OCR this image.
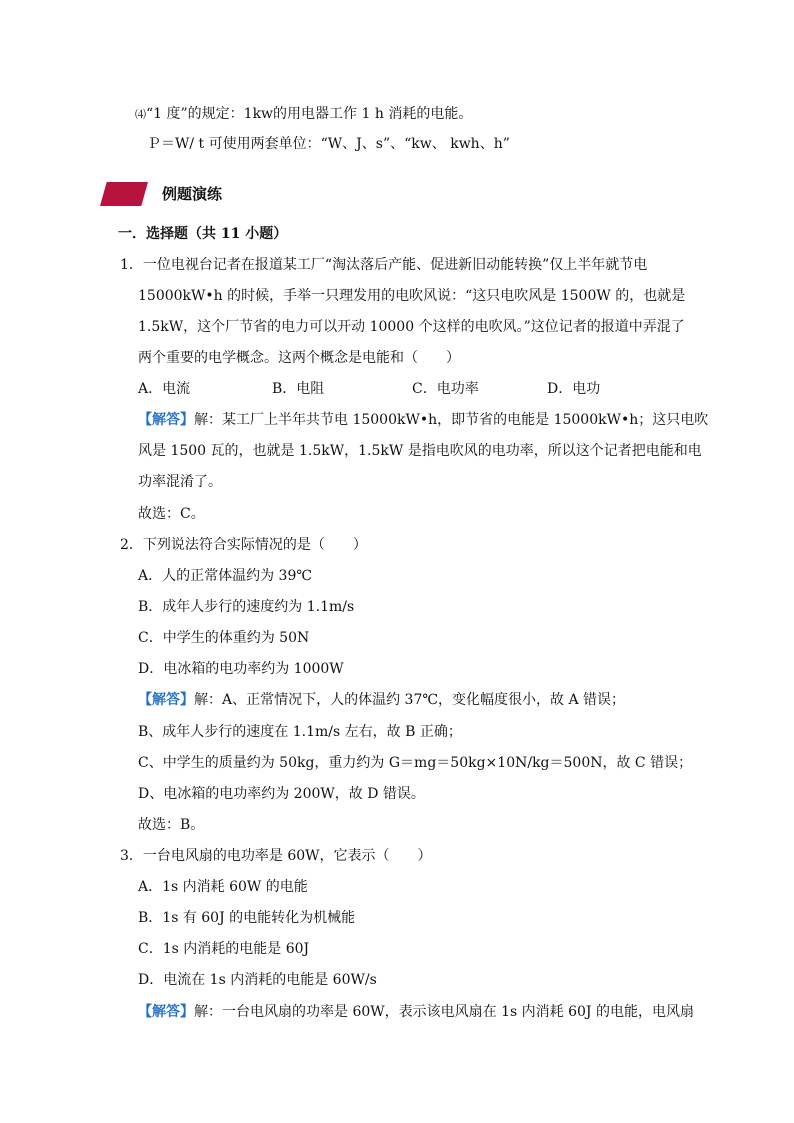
⑷“1 度”的规定：1kw的用电器工作 1 h 消耗的电能。
Ｐ＝W/ t 可使用两套单位：“W、J、s”、“kw、 kwh、h”
例题演练
一．选择题（共 11 小题）
1．一位电视台记者在报道某工厂“淘汰落后产能、促进新旧动能转换”仅上半年就节电
15000kW•h 的时候，手举一只理发用的电吹风说：“这只电吹风是 1500W 的，也就是
1.5kW，这个厂节省的电力可以开动 10000 个这样的电吹风。”这位记者的报道中弄混了
两个重要的电学概念。这两个概念是电能和（　　）
A．电流	B．电阻	C．电功率	D．电功
【解答】解：某工厂上半年共节电 15000kW•h，即节省的电能是 15000kW•h；这只电吹
风是 1500 瓦的，也就是 1.5kW，1.5kW 是指电吹风的电功率，所以这个记者把电能和电
功率混淆了。
故选：C。
2．下列说法符合实际情况的是（　　）
A．人的正常体温约为 39℃
B．成年人步行的速度约为 1.1m/s
C．中学生的体重约为 50N
D．电冰箱的电功率约为 1000W
【解答】解：A、正常情况下，人的体温约 37℃，变化幅度很小，故 A 错误；
B、成年人步行的速度在 1.1m/s 左右，故 B 正确；
C、中学生的质量约为 50kg，重力约为 G＝mg＝50kg×10N/kg＝500N，故 C 错误；
D、电冰箱的电功率约为 200W，故 D 错误。
故选：B。
3．一台电风扇的电功率是 60W，它表示（　　）
A．1s 内消耗 60W 的电能
B．1s 有 60J 的电能转化为机械能
C．1s 内消耗的电能是 60J
D．电流在 1s 内消耗的电能是 60W/s
【解答】解：一台电风扇的功率是 60W，表示该电风扇在 1s 内消耗 60J 的电能，电风扇
